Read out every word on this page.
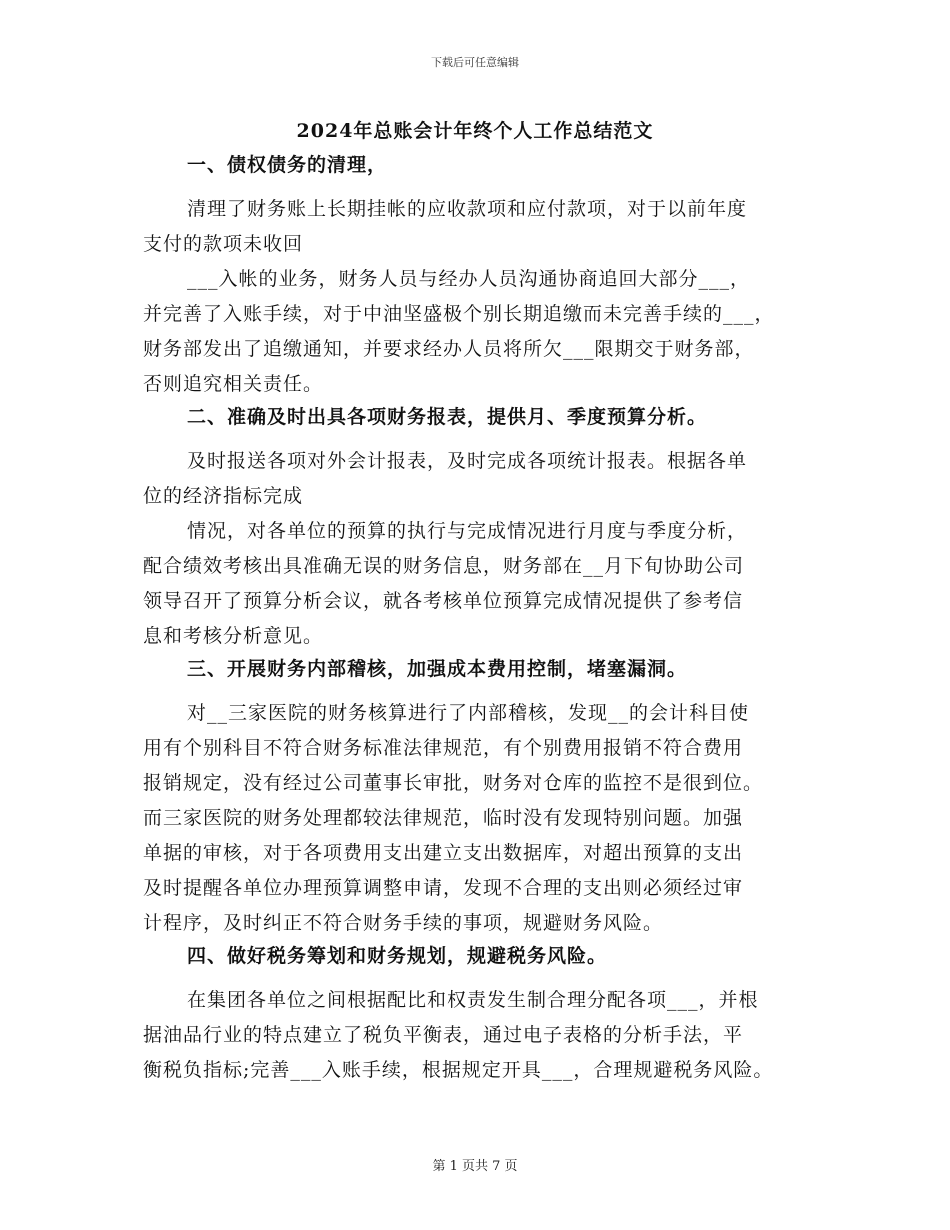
下载后可任意编辑
2024年总账会计年终个人工作总结范文
一、债权债务的清理，
清理了财务账上长期挂帐的应收款项和应付款项，对于以前年度
支付的款项未收回
___入帐的业务，财务人员与经办人员沟通协商追回大部分___，
并完善了入账手续，对于中油坚盛极个别长期追缴而未完善手续的___，
财务部发出了追缴通知，并要求经办人员将所欠___限期交于财务部，
否则追究相关责任。
二、准确及时出具各项财务报表，提供月、季度预算分析。
及时报送各项对外会计报表，及时完成各项统计报表。根据各单
位的经济指标完成
情况，对各单位的预算的执行与完成情况进行月度与季度分析，
配合绩效考核出具准确无误的财务信息，财务部在__月下旬协助公司
领导召开了预算分析会议，就各考核单位预算完成情况提供了参考信
息和考核分析意见。
三、开展财务内部稽核，加强成本费用控制，堵塞漏洞。
对__三家医院的财务核算进行了内部稽核，发现__的会计科目使
用有个别科目不符合财务标准法律规范，有个别费用报销不符合费用
报销规定，没有经过公司董事长审批，财务对仓库的监控不是很到位。
而三家医院的财务处理都较法律规范，临时没有发现特别问题。加强
单据的审核，对于各项费用支出建立支出数据库，对超出预算的支出
及时提醒各单位办理预算调整申请，发现不合理的支出则必须经过审
计程序，及时纠正不符合财务手续的事项，规避财务风险。
四、做好税务筹划和财务规划，规避税务风险。
在集团各单位之间根据配比和权责发生制合理分配各项___，并根
据油品行业的特点建立了税负平衡表，通过电子表格的分析手法，平
衡税负指标;完善___入账手续，根据规定开具___，合理规避税务风险。
第 1 页共 7 页
